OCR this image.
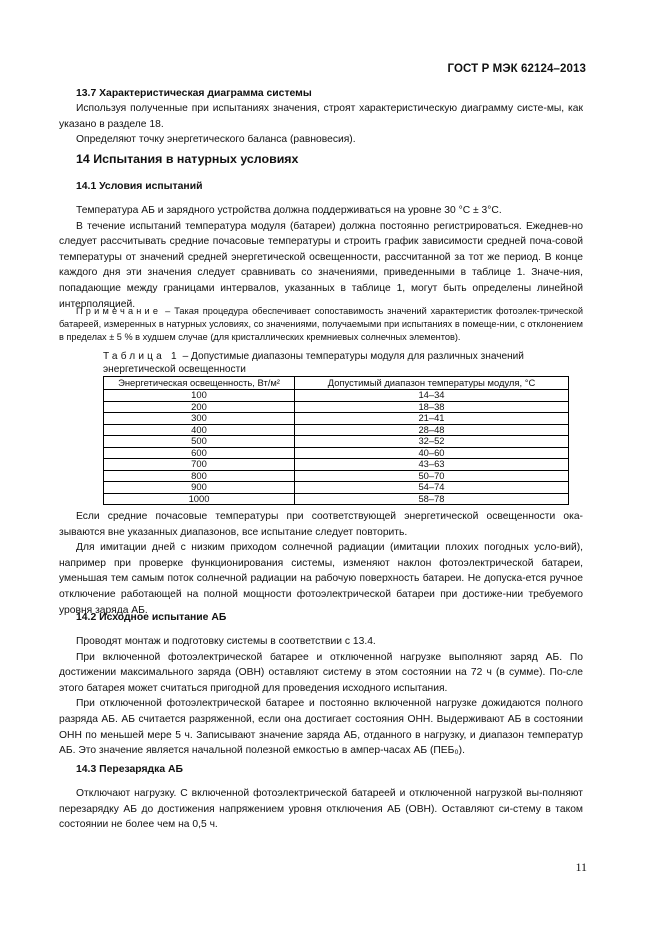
ГОСТ Р МЭК 62124–2013
13.7 Характеристическая диаграмма системы

Используя полученные при испытаниях значения, строят характеристическую диаграмму систе-мы, как указано в разделе 18.

Определяют точку энергетического баланса (равновесия).

14 Испытания в натурных условиях
14.1 Условия испытаний

Температура АБ и зарядного устройства должна поддерживаться на уровне 30 °С ± 3°С.

В течение испытаний температура модуля (батареи) должна постоянно регистрироваться. Ежеднев-но следует рассчитывать средние почасовые температуры и строить график зависимости средней поча-совой температуры от значений средней энергетической освещенности, рассчитанной за тот же период. В конце каждого дня эти значения следует сравнивать со значениями, приведенными в таблице 1. Значе-ния, попадающие между границами интервалов, указанных в таблице 1, могут быть определены линейной интерполяцией.

Примечание – Такая процедура обеспечивает сопоставимость значений характеристик фотоэлек-трической батареей, измеренных в натурных условиях, со значениями, получаемыми при испытаниях в помеще-нии, с отклонением в пределах ± 5 % в худшем случае (для кристаллических кремниевых солнечных элементов).
Таблица 1 – Допустимые диапазоны температуры модуля для различных значений энергетической освещенности
Энергетическая освещенность, Вт/м²	Допустимый диапазон температуры модуля, °С
100	14–34
200	18–38
300	21–41
400	28–48
500	32–52
600	40–60
700	43–63
800	50–70
900	54–74
1000	58–78

Если средние почасовые температуры при соответствующей энергетической освещенности ока-зываются вне указанных диапазонов, все испытание следует повторить.

Для имитации дней с низким приходом солнечной радиации (имитации плохих погодных усло-вий), например при проверке функционирования системы, изменяют наклон фотоэлектрической батареи, уменьшая тем самым поток солнечной радиации на рабочую поверхность батареи. Не допуска-ется ручное отключение работающей на полной мощности фотоэлектрической батареи при достиже-нии требуемого уровня заряда АБ.

14.2 Исходное испытание АБ

Проводят монтаж и подготовку системы в соответствии с 13.4.

При включенной фотоэлектрической батарее и отключенной нагрузке выполняют заряд АБ. По достижении максимального заряда (ОВН) оставляют систему в этом состоянии на 72 ч (в сумме). По-сле этого батарея может считаться пригодной для проведения исходного испытания.

При отключенной фотоэлектрической батарее и постоянно включенной нагрузке дожидаются полного разряда АБ. АБ считается разряженной, если она достигает состояния ОНН. Выдерживают АБ в состоянии ОНН по меньшей мере 5 ч. Записывают значение заряда АБ, отданного в нагрузку, и диапазон температур АБ. Это значение является начальной полезной емкостью в ампер-часах АБ (ПЕБ₀).

14.3 Перезарядка АБ

Отключают нагрузку. С включенной фотоэлектрической батареей и отключенной нагрузкой вы-полняют перезарядку АБ до достижения напряжением уровня отключения АБ (ОВН). Оставляют си-стему в таком состоянии не более чем на 0,5 ч.

11
